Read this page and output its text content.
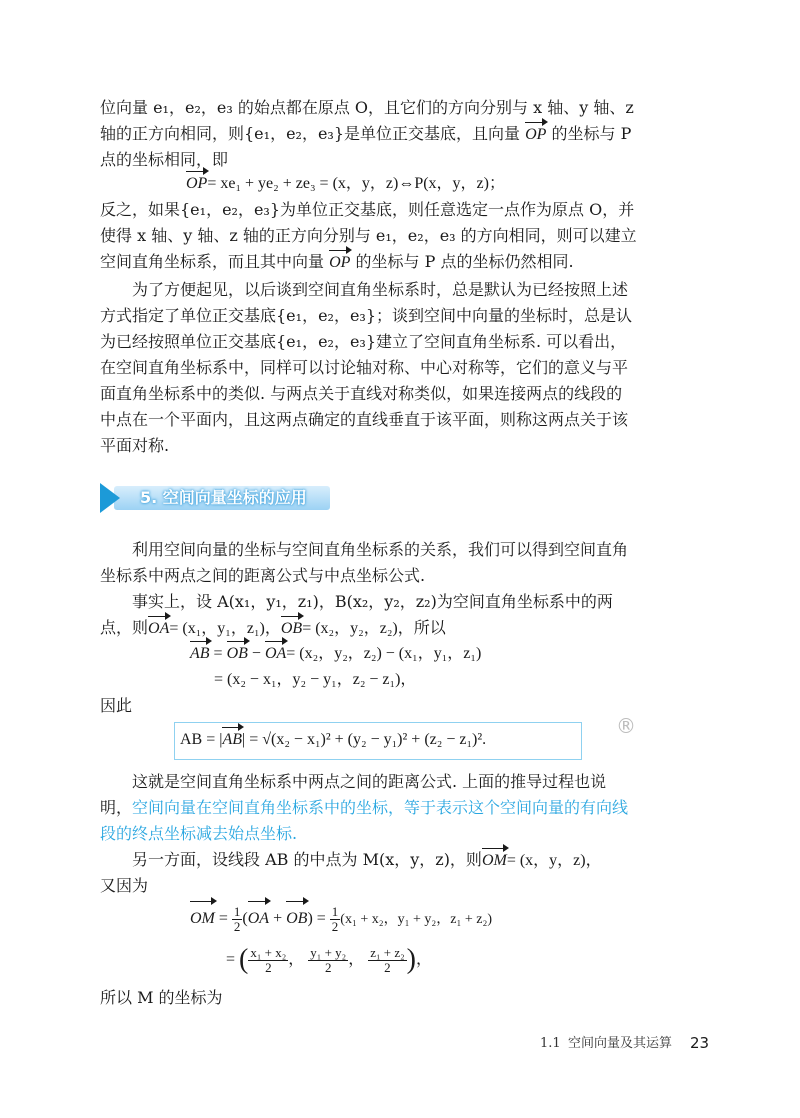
位向量 e₁，e₂，e₃ 的始点都在原点 O，且它们的方向分别与 x 轴、y 轴、z
轴的正方向相同，则{e₁，e₂，e₃}是单位正交基底，且向量 OP 的坐标与 P
点的坐标相同，即
OP= xe₁ + ye₂ + ze₃ = (x，y，z)⇔P(x，y，z)；
反之，如果{e₁，e₂，e₃}为单位正交基底，则任意选定一点作为原点 O，并
使得 x 轴、y 轴、z 轴的正方向分别与 e₁，e₂，e₃ 的方向相同，则可以建立
空间直角坐标系，而且其中向量 OP 的坐标与 P 点的坐标仍然相同.
为了方便起见，以后谈到空间直角坐标系时，总是默认为已经按照上述
方式指定了单位正交基底{e₁，e₂，e₃}；谈到空间中向量的坐标时，总是认
为已经按照单位正交基底{e₁，e₂，e₃}建立了空间直角坐标系. 可以看出，
在空间直角坐标系中，同样可以讨论轴对称、中心对称等，它们的意义与平
面直角坐标系中的类似. 与两点关于直线对称类似，如果连接两点的线段的
中点在一个平面内，且这两点确定的直线垂直于该平面，则称这两点关于该
平面对称.
5. 空间向量坐标的应用
利用空间向量的坐标与空间直角坐标系的关系，我们可以得到空间直角
坐标系中两点之间的距离公式与中点坐标公式.
事实上，设 A(x₁，y₁，z₁)，B(x₂，y₂，z₂)为空间直角坐标系中的两
点，则OA= (x₁，y₁，z₁)，OB= (x₂，y₂，z₂)，所以
AB = OB − OA= (x₂，y₂，z₂) − (x₁，y₁，z₁)
= (x₂ − x₁，y₂ − y₁，z₂ − z₁)，
因此
AB = |AB| = √(x₂ − x₁)² + (y₂ − y₁)² + (z₂ − z₁)².
®
这就是空间直角坐标系中两点之间的距离公式. 上面的推导过程也说
明，空间向量在空间直角坐标系中的坐标，等于表示这个空间向量的有向线
段的终点坐标减去始点坐标.
另一方面，设线段 AB 的中点为 M(x，y，z)，则OM= (x，y，z)，
又因为
OM = $\frac{1}{2} (OA + OB) = \frac{1}{2} (x_1 + x_2$，y₁ + y₂，z₁ + z₂)
= ( $\frac{\text{x₁ + x₂}}{2}$ ， $\frac{\text{y₁ + y₂}}{2}$ ， $\frac{\text{z₁ + z₂}}{2}$ )，
所以 M 的坐标为
1.1 空间向量及其运算 23
